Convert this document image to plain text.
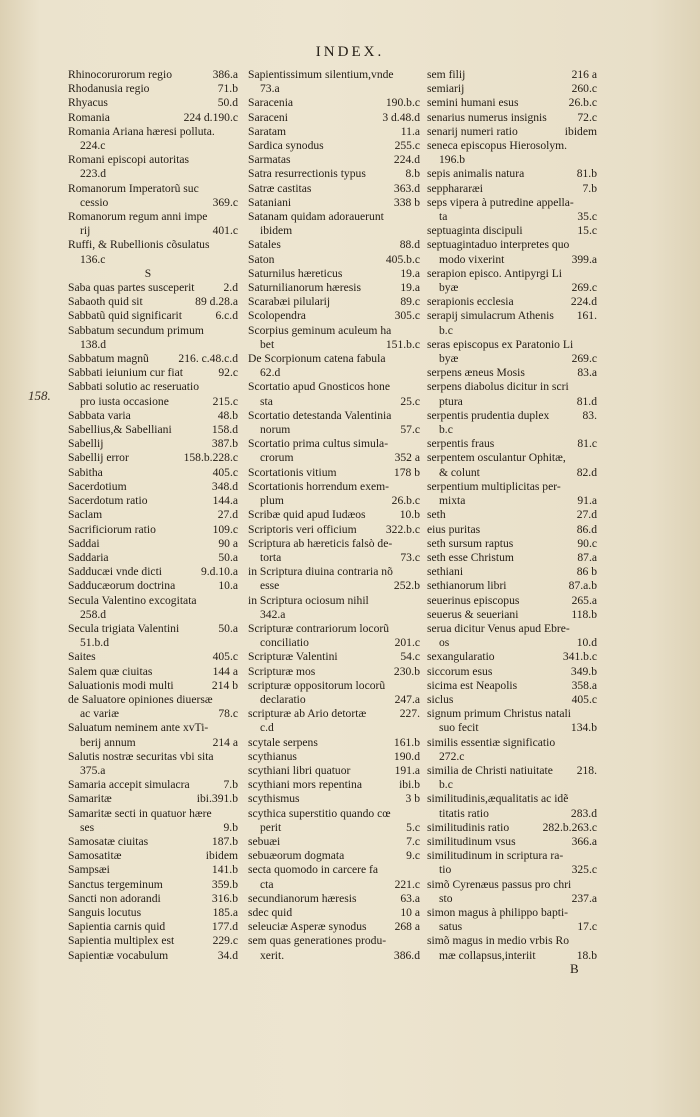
INDEX.
158.
386.a
Rhinocorurorum regio
71.b
Rhodanusia regio
50.d
Rhyacus
224 d.190.c
Romania
Romania Ariana hæresi polluta.
224.c
Romani episcopi autoritas
223.d
Romanorum Imperatorũ suc
369.c
cessio
Romanorum regum anni impe
401.c
rij
Ruffi, & Rubellionis cõsulatus
136.c
S
2.d
Saba quas partes susceperit
89 d.28.a
Sabaoth quid sit
6.c.d
Sabbatũ quid significarit
Sabbatum secundum primum
138.d
216. c.48.c.d
Sabbatum magnũ
92.c
Sabbati ieiunium cur fiat
Sabbati solutio ac reseruatio
215.c
pro iusta occasione
48.b
Sabbata varia
158.d
Sabellius,& Sabelliani
387.b
Sabellij
158.b.228.c
Sabellij error
405.c
Sabitha
348.d
Sacerdotium
144.a
Sacerdotum ratio
27.d
Saclam
109.c
Sacrificiorum ratio
90 a
Saddai
50.a
Saddaria
9.d.10.a
Sadducæi vnde dicti
10.a
Sadducæorum doctrina
Secula Valentino excogitata
258.d
50.a
Secula trigiata Valentini
51.b.d
405.c
Saites
144 a
Salem quæ ciuitas
214 b
Saluationis modi multi
de Saluatore opiniones diuersæ
78.c
ac variæ
Saluatum neminem ante xvTi-
214 a
berij annum
Salutis nostræ securitas vbi sita
375.a
7.b
Samaria accepit simulacra
ibi.391.b
Samaritæ
Samaritæ secti in quatuor hære
9.b
ses
187.b
Samosatæ ciuitas
ibidem
Samosatitæ
141.b
Sampsæi
359.b
Sanctus tergeminum
316.b
Sancti non adorandi
185.a
Sanguis locutus
177.d
Sapientia carnis quid
229.c
Sapientia multiplex est
34.d
Sapientiæ vocabulum
Sapientissimum silentium,vnde
73.a
190.b.c
Saracenia
3 d.48.d
Saraceni
11.a
Saratam
255.c
Sardica synodus
224.d
Sarmatas
8.b
Satra resurrectionis typus
363.d
Satræ castitas
338 b
Sataniani
Satanam quidam adorauerunt
ibidem
88.d
Satales
405.b.c
Saton
19.a
Saturnilus hæreticus
19.a
Saturnilianorum hæresis
89.c
Scarabæi pilularij
305.c
Scolopendra
Scorpius geminum aculeum ha
151.b.c
bet
De Scorpionum catena fabula
62.d
Scortatio apud Gnosticos hone
25.c
sta
Scortatio detestanda Valentinia
57.c
norum
Scortatio prima cultus simula-
352 a
crorum
178 b
Scortationis vitium
Scortationis horrendum exem-
26.b.c
plum
10.b
Scribæ quid apud Iudæos
322.b.c
Scriptoris veri officium
Scriptura ab hæreticis falsò de-
73.c
torta
in Scriptura diuina contraria nõ
252.b
esse
in Scriptura ociosum nihil
342.a
Scripturæ contrariorum locorũ
201.c
conciliatio
54.c
Scripturæ Valentini
230.b
Scripturæ mos
scripturæ oppositorum locorũ
247.a
declaratio
227.
scripturæ ab Ario detortæ
c.d
161.b
scytale serpens
190.d
scythianus
191.a
scythiani libri quatuor
ibi.b
scythiani mors repentina
3 b
scythismus
scythica superstitio quando cœ
5.c
perit
7.c
sebuæi
9.c
sebuæorum dogmata
secta quomodo in carcere fa
221.c
cta
63.a
secundianorum hæresis
10 a
sdec quid
268 a
seleuciæ Asperæ synodus
sem quas generationes produ-
386.d
xerit.
216 a
sem filij
260.c
semiarij
26.b.c
semini humani esus
72.c
senarius numerus insignis
ibidem
senarij numeri ratio
seneca episcopus Hierosolym.
196.b
81.b
sepis animalis natura
7.b
sepphararæi
seps vipera à putredine appella-
35.c
ta
15.c
septuaginta discipuli
septuagintaduo interpretes quo
399.a
modo vixerint
serapion episco. Antipyrgi Li
269.c
byæ
224.d
serapionis ecclesia
161.
serapij simulacrum Athenis
b.c
seras episcopus ex Paratonio Li
269.c
byæ
83.a
serpens æneus Mosis
serpens diabolus dicitur in scri
81.d
ptura
83.
serpentis prudentia duplex
b.c
81.c
serpentis fraus
serpentem osculantur Ophitæ,
82.d
& colunt
serpentium multiplicitas per-
91.a
mixta
27.d
seth
86.d
eius puritas
90.c
seth sursum raptus
87.a
seth esse Christum
86 b
sethiani
87.a.b
sethianorum libri
265.a
seuerinus episcopus
118.b
seuerus & seueriani
serua dicitur Venus apud Ebre-
10.d
os
341.b.c
sexangularatio
349.b
siccorum esus
358.a
sicima est Neapolis
405.c
siclus
signum primum Christus natali
134.b
suo fecit
similis essentiæ significatio
272.c
218.
similia de Christi natiuitate
b.c
similitudinis,æqualitatis ac idẽ
283.d
titatis ratio
282.b.263.c
similitudinis ratio
366.a
similitudinum vsus
similitudinum in scriptura ra-
325.c
tio
simõ Cyrenæus passus pro chri
237.a
sto
simon magus à philippo bapti-
17.c
satus
simõ magus in medio vrbis Ro
18.b
mæ collapsus,interiit
B
